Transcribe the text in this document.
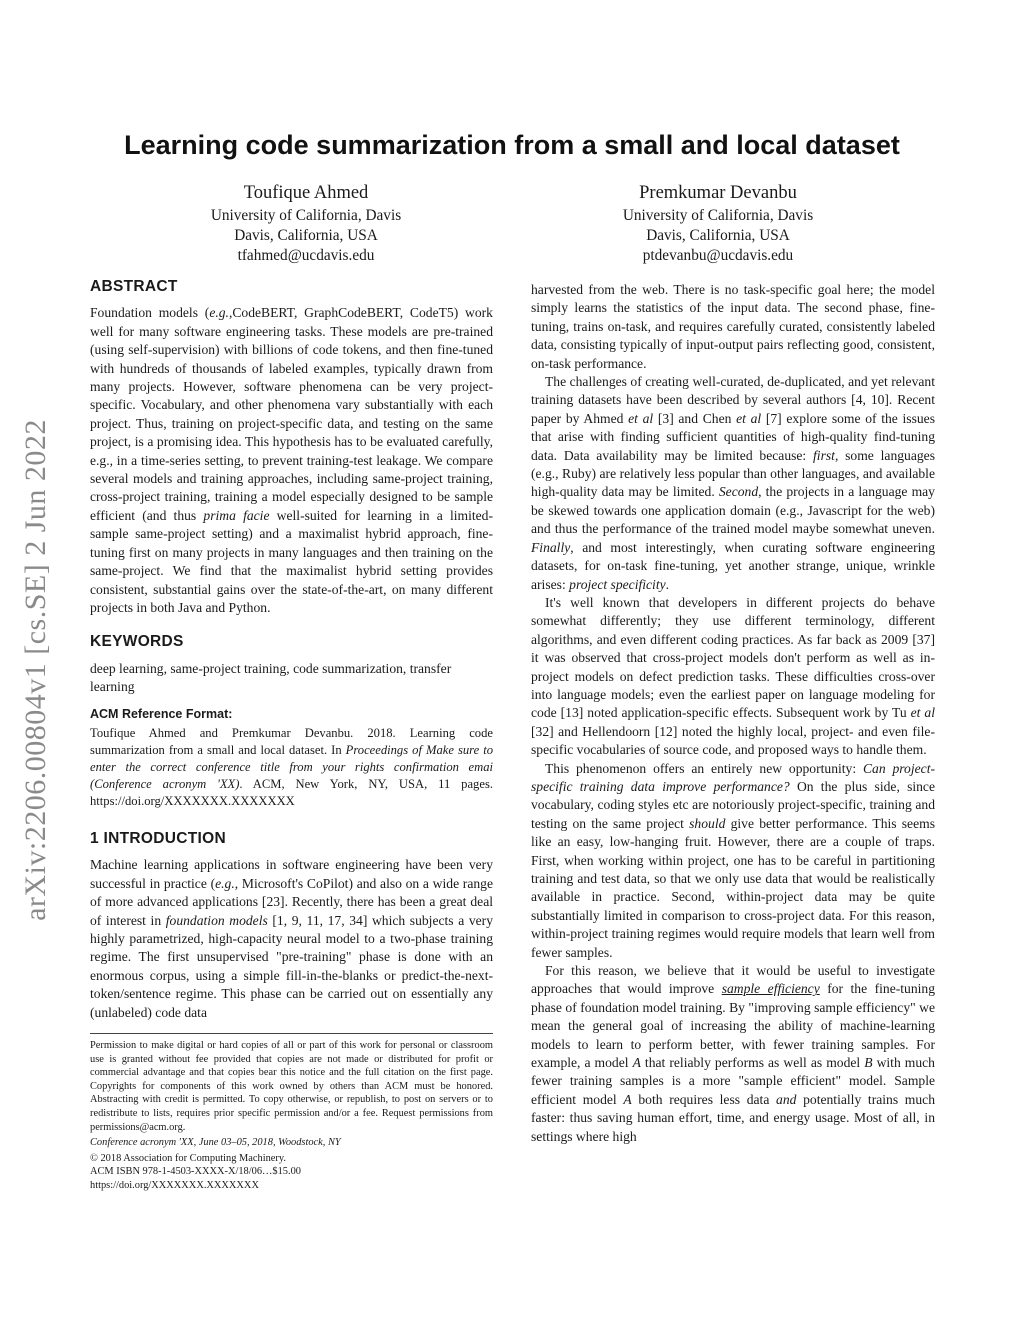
arXiv:2206.00804v1 [cs.SE] 2 Jun 2022
Learning code summarization from a small and local dataset
Toufique Ahmed
University of California, Davis
Davis, California, USA
tfahmed@ucdavis.edu
Premkumar Devanbu
University of California, Davis
Davis, California, USA
ptdevanbu@ucdavis.edu
ABSTRACT

Foundation models (e.g.,CodeBERT, GraphCodeBERT, CodeT5) work well for many software engineering tasks. These models are pre-trained (using self-supervision) with billions of code tokens, and then fine-tuned with hundreds of thousands of labeled examples, typically drawn from many projects. However, software phenomena can be very project-specific. Vocabulary, and other phenomena vary substantially with each project. Thus, training on project-specific data, and testing on the same project, is a promising idea. This hypothesis has to be evaluated carefully, e.g., in a time-series setting, to prevent training-test leakage. We compare several models and training approaches, including same-project training, cross-project training, training a model especially designed to be sample efficient (and thus prima facie well-suited for learning in a limited-sample same-project setting) and a maximalist hybrid approach, fine-tuning first on many projects in many languages and then training on the same-project. We find that the maximalist hybrid setting provides consistent, substantial gains over the state-of-the-art, on many different projects in both Java and Python.

KEYWORDS

deep learning, same-project training, code summarization, transfer learning

ACM Reference Format:

Toufique Ahmed and Premkumar Devanbu. 2018. Learning code summarization from a small and local dataset. In Proceedings of Make sure to enter the correct conference title from your rights confirmation emai (Conference acronym 'XX). ACM, New York, NY, USA, 11 pages. https://doi.org/XXXXXXX.XXXXXXX

1 INTRODUCTION

Machine learning applications in software engineering have been very successful in practice (e.g., Microsoft's CoPilot) and also on a wide range of more advanced applications [23]. Recently, there has been a great deal of interest in foundation models [1, 9, 11, 17, 34] which subjects a very highly parametrized, high-capacity neural model to a two-phase training regime. The first unsupervised "pre-training" phase is done with an enormous corpus, using a simple fill-in-the-blanks or predict-the-next-token/sentence regime. This phase can be carried out on essentially any (unlabeled) code data

Permission to make digital or hard copies of all or part of this work for personal or classroom use is granted without fee provided that copies are not made or distributed for profit or commercial advantage and that copies bear this notice and the full citation on the first page. Copyrights for components of this work owned by others than ACM must be honored. Abstracting with credit is permitted. To copy otherwise, or republish, to post on servers or to redistribute to lists, requires prior specific permission and/or a fee. Request permissions from permissions@acm.org.

Conference acronym 'XX, June 03–05, 2018, Woodstock, NY

© 2018 Association for Computing Machinery.

ACM ISBN 978-1-4503-XXXX-X/18/06…$15.00

https://doi.org/XXXXXXX.XXXXXXX

harvested from the web. There is no task-specific goal here; the model simply learns the statistics of the input data. The second phase, fine-tuning, trains on-task, and requires carefully curated, consistently labeled data, consisting typically of input-output pairs reflecting good, consistent, on-task performance.

The challenges of creating well-curated, de-duplicated, and yet relevant training datasets have been described by several authors [4, 10]. Recent paper by Ahmed et al [3] and Chen et al [7] explore some of the issues that arise with finding sufficient quantities of high-quality find-tuning data. Data availability may be limited because: first, some languages (e.g., Ruby) are relatively less popular than other languages, and available high-quality data may be limited. Second, the projects in a language may be skewed towards one application domain (e.g., Javascript for the web) and thus the performance of the trained model maybe somewhat uneven. Finally, and most interestingly, when curating software engineering datasets, for on-task fine-tuning, yet another strange, unique, wrinkle arises: project specificity.

It's well known that developers in different projects do behave somewhat differently; they use different terminology, different algorithms, and even different coding practices. As far back as 2009 [37] it was observed that cross-project models don't perform as well as in-project models on defect prediction tasks. These difficulties cross-over into language models; even the earliest paper on language modeling for code [13] noted application-specific effects. Subsequent work by Tu et al [32] and Hellendoorn [12] noted the highly local, project- and even file-specific vocabularies of source code, and proposed ways to handle them.

This phenomenon offers an entirely new opportunity: Can project-specific training data improve performance? On the plus side, since vocabulary, coding styles etc are notoriously project-specific, training and testing on the same project should give better performance. This seems like an easy, low-hanging fruit. However, there are a couple of traps. First, when working within project, one has to be careful in partitioning training and test data, so that we only use data that would be realistically available in practice. Second, within-project data may be quite substantially limited in comparison to cross-project data. For this reason, within-project training regimes would require models that learn well from fewer samples.

For this reason, we believe that it would be useful to investigate approaches that would improve sample efficiency for the fine-tuning phase of foundation model training. By "improving sample efficiency" we mean the general goal of increasing the ability of machine-learning models to learn to perform better, with fewer training samples. For example, a model A that reliably performs as well as model B with much fewer training samples is a more "sample efficient" model. Sample efficient model A both requires less data and potentially trains much faster: thus saving human effort, time, and energy usage. Most of all, in settings where high
